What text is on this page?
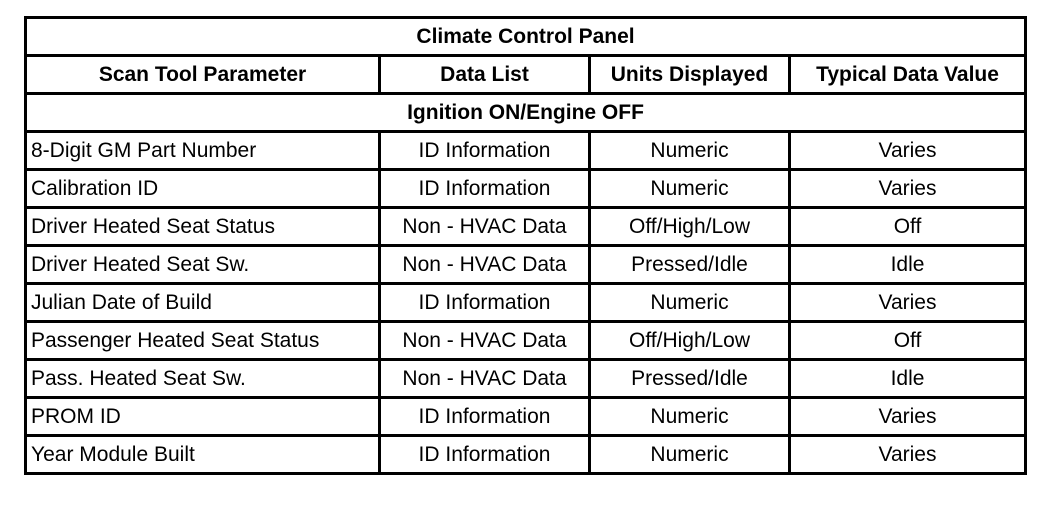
Climate Control Panel			
Scan Tool Parameter	Data List	Units Displayed	Typical Data Value
Ignition ON/Engine OFF			
8-Digit GM Part Number	ID Information	Numeric	Varies
Calibration ID	ID Information	Numeric	Varies
Driver Heated Seat Status	Non - HVAC Data	Off/High/Low	Off
Driver Heated Seat Sw.	Non - HVAC Data	Pressed/Idle	Idle
Julian Date of Build	ID Information	Numeric	Varies
Passenger Heated Seat Status	Non - HVAC Data	Off/High/Low	Off
Pass. Heated Seat Sw.	Non - HVAC Data	Pressed/Idle	Idle
PROM ID	ID Information	Numeric	Varies
Year Module Built	ID Information	Numeric	Varies
